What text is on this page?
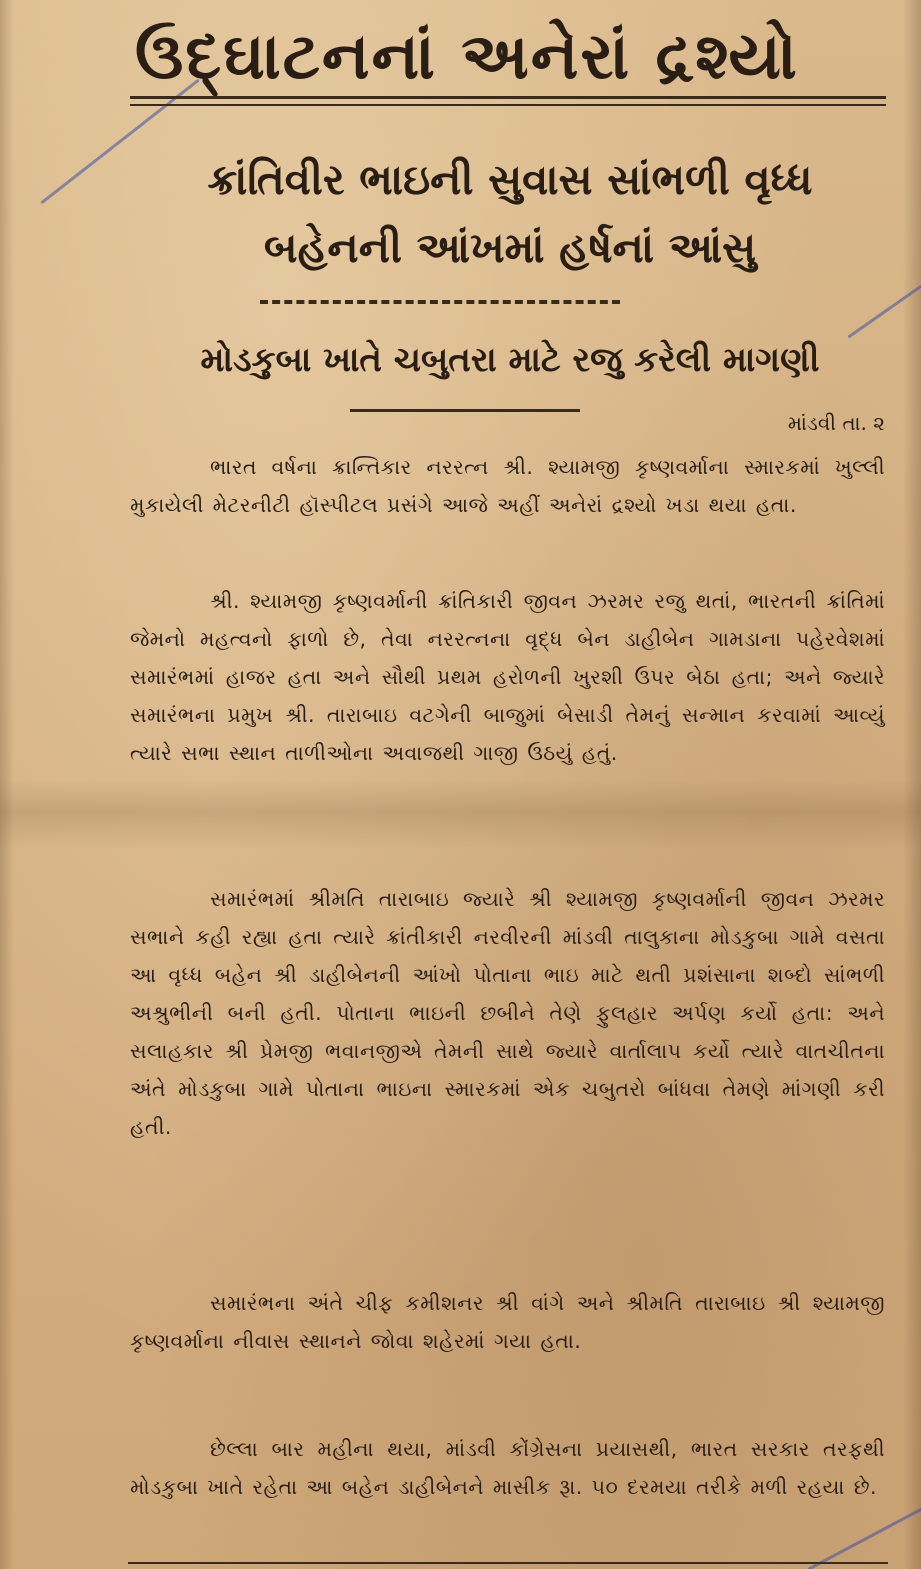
ઉદ્ઘાટનનાં અનેરાં દ્રશ્યો
ક્રાંતિવીર ભાઇની સુવાસ સાંભળી વૃધ્ધ
બહેનની આંખમાં હર્ષનાં આંસુ
મોડકુબા ખાતે ચબુતરા માટે રજુ કરેલી માગણી
માંડવી તા. ૨
ભારત વર્ષના ક્રાન્તિકાર નરરત્ન શ્રી. શ્યામજી કૃષ્ણવર્માના સ્મારકમાં ખુલ્લી મુકાયેલી મેટરનીટી હૉસ્પીટલ પ્રસંગે આજે અહીં અનેરાં દ્રશ્યો ખડા થયા હતા.
શ્રી. શ્યામજી કૃષ્ણવર્માની ક્રાંતિકારી જીવન ઝરમર રજુ થતાં, ભારતની ક્રાંતિમાં જેમનો મહત્વનો ફાળો છે, તેવા નરરત્નના વૃદ્ધ બેન ડાહીબેન ગામડાના પહેરવેશમાં સમારંભમાં હાજર હતા અને સૌથી પ્રથમ હરોળની ખુરશી ઉપર બેઠા હતા; અને જ્યારે સમારંભના પ્રમુખ શ્રી. તારાબાઇ વટગેની બાજુમાં બેસાડી તેમનું સન્માન કરવામાં આવ્યું ત્યારે સભા સ્થાન તાળીઓના અવાજથી ગાજી ઉઠયું હતું.
સમારંભમાં શ્રીમતિ તારાબાઇ જ્યારે શ્રી શ્યામજી કૃષ્ણવર્માની જીવન ઝરમર સભાને કહી રહ્યા હતા ત્યારે ક્રાંતીકારી નરવીરની માંડવી તાલુકાના મોડકુબા ગામે વસતા આ વૃધ્ધ બહેન શ્રી ડાહીબેનની આંખો પોતાના ભાઇ માટે થતી પ્રશંસાના શબ્દો સાંભળી અશ્રુભીની બની હતી. પોતાના ભાઇની છબીને તેણે ફુલહાર અર્પણ કર્યો હતા: અને સલાહકાર શ્રી પ્રેમજી ભવાનજીએ તેમની સાથે જ્યારે વાર્તાલાપ કર્યો ત્યારે વાતચીતના અંતે મોડકુબા ગામે પોતાના ભાઇના સ્મારકમાં એક ચબુતરો બાંધવા તેમણે માંગણી કરી હતી.
સમારંભના અંતે ચીફ કમીશનર શ્રી વાંગે અને શ્રીમતિ તારાબાઇ શ્રી શ્યામજી કૃષ્ણવર્માના નીવાસ સ્થાનને જોવા શહેરમાં ગયા હતા.
છેલ્લા બાર મહીના થયા, માંડવી કોંગ્રેસના પ્રયાસથી, ભારત સરકાર તરફથી મોડકુબા ખાતે રહેતા આ બહેન ડાહીબેનને માસીક રૂા. ૫૦ દરમયા તરીકે મળી રહયા છે.
